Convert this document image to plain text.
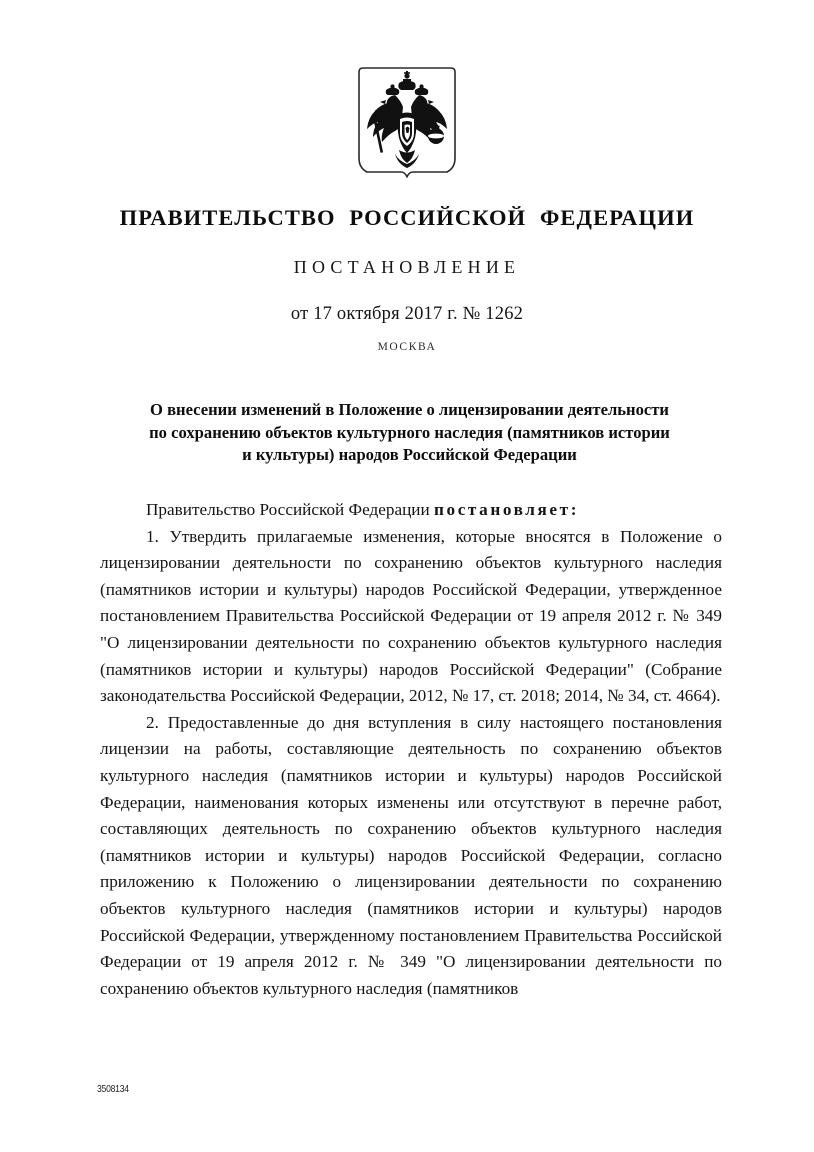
ПРАВИТЕЛЬСТВО РОССИЙСКОЙ ФЕДЕРАЦИИ
ПОСТАНОВЛЕНИЕ
от 17 октября 2017 г. № 1262
МОСКВА
О внесении изменений в Положение о лицензировании деятельности
по сохранению объектов культурного наследия (памятников истории
и культуры) народов Российской Федерации

Правительство Российской Федерации постановляет:

1. Утвердить прилагаемые изменения, которые вносятся в Положение о лицензировании деятельности по сохранению объектов культурного наследия (памятников истории и культуры) народов Российской Федерации, утвержденное постановлением Правительства Российской Федерации от 19 апреля 2012 г. № 349 "О лицензировании деятельности по сохранению объектов культурного наследия (памятников истории и культуры) народов Российской Федерации" (Собрание законодательства Российской Федерации, 2012, № 17, ст. 2018; 2014, № 34, ст. 4664).

2. Предоставленные до дня вступления в силу настоящего постановления лицензии на работы, составляющие деятельность по сохранению объектов культурного наследия (памятников истории и культуры) народов Российской Федерации, наименования которых изменены или отсутствуют в перечне работ, составляющих деятельность по сохранению объектов культурного наследия (памятников истории и культуры) народов Российской Федерации, согласно приложению к Положению о лицензировании деятельности по сохранению объектов культурного наследия (памятников истории и культуры) народов Российской Федерации, утвержденному постановлением Правительства Российской Федерации от 19 апреля 2012 г. № 349 "О лицензировании деятельности по сохранению объектов культурного наследия (памятников

3508134
